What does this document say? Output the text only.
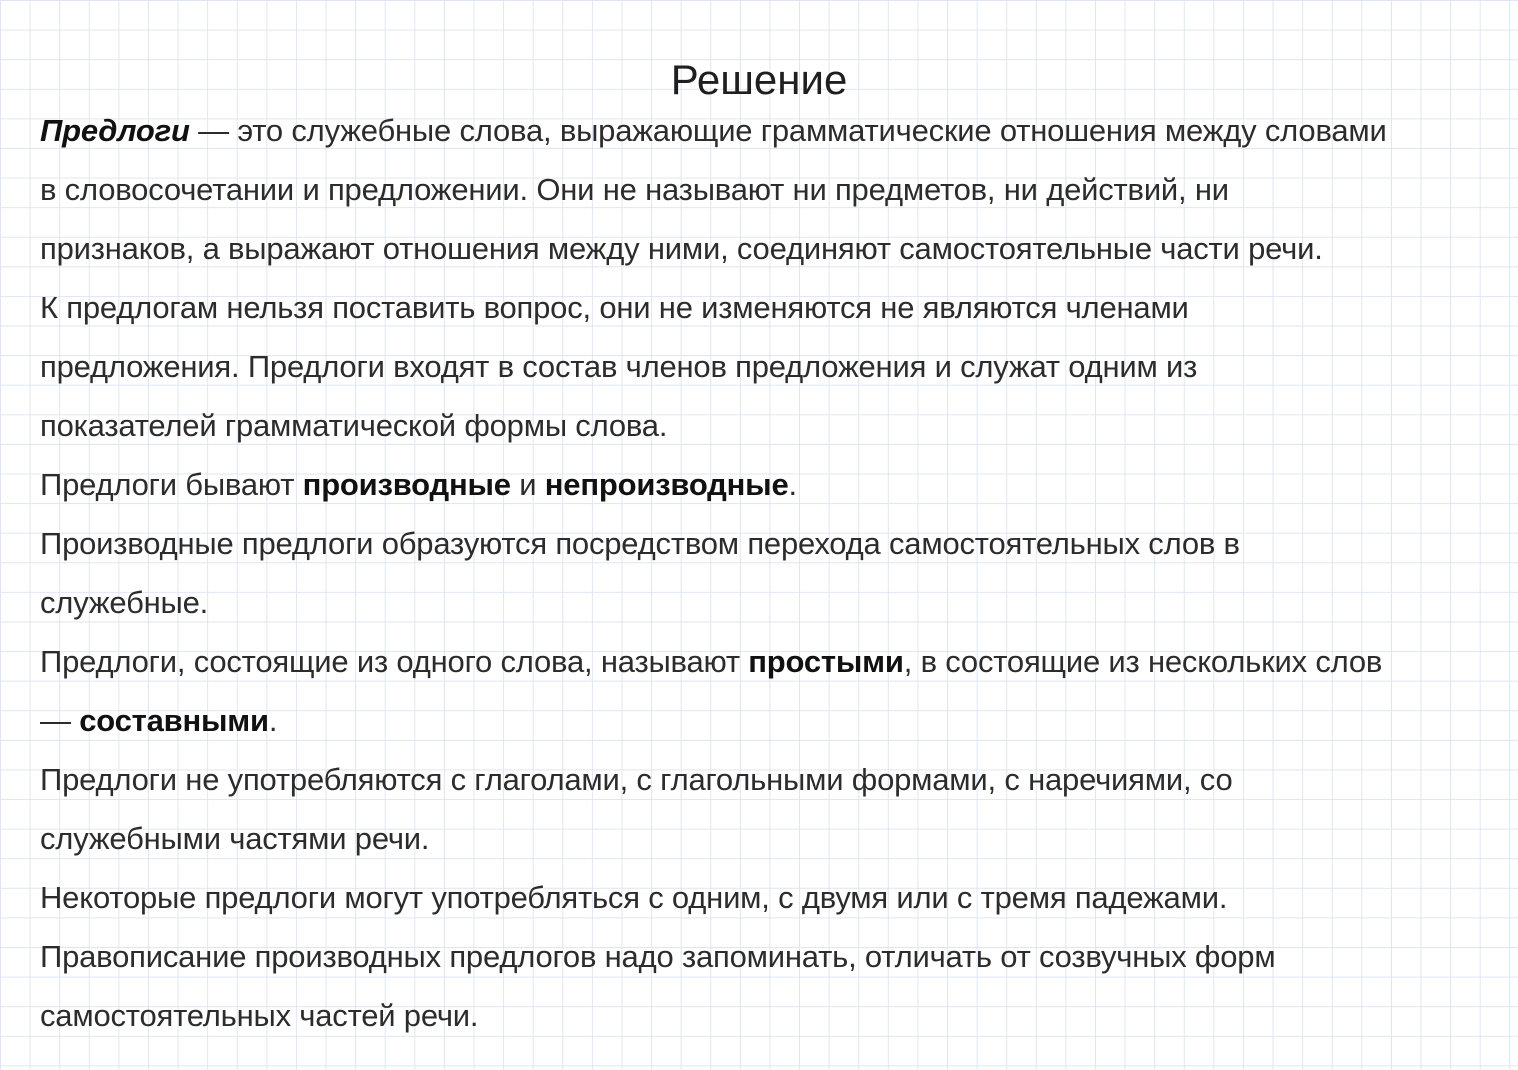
Решение
Предлоги — это служебные слова, выражающие грамматические отношения между словами
в словосочетании и предложении. Они не называют ни предметов, ни действий, ни
признаков, а выражают отношения между ними, соединяют самостоятельные части речи.
К предлогам нельзя поставить вопрос, они не изменяются не являются членами
предложения. Предлоги входят в состав членов предложения и служат одним из
показателей грамматической формы слова.
Предлоги бывают производные и непроизводные.
Производные предлоги образуются посредством перехода самостоятельных слов в
служебные.
Предлоги, состоящие из одного слова, называют простыми, в состоящие из нескольких слов
— составными.
Предлоги не употребляются с глаголами, с глагольными формами, с наречиями, со
служебными частями речи.
Некоторые предлоги могут употребляться с одним, с двумя или с тремя падежами.
Правописание производных предлогов надо запоминать, отличать от созвучных форм
самостоятельных частей речи.
